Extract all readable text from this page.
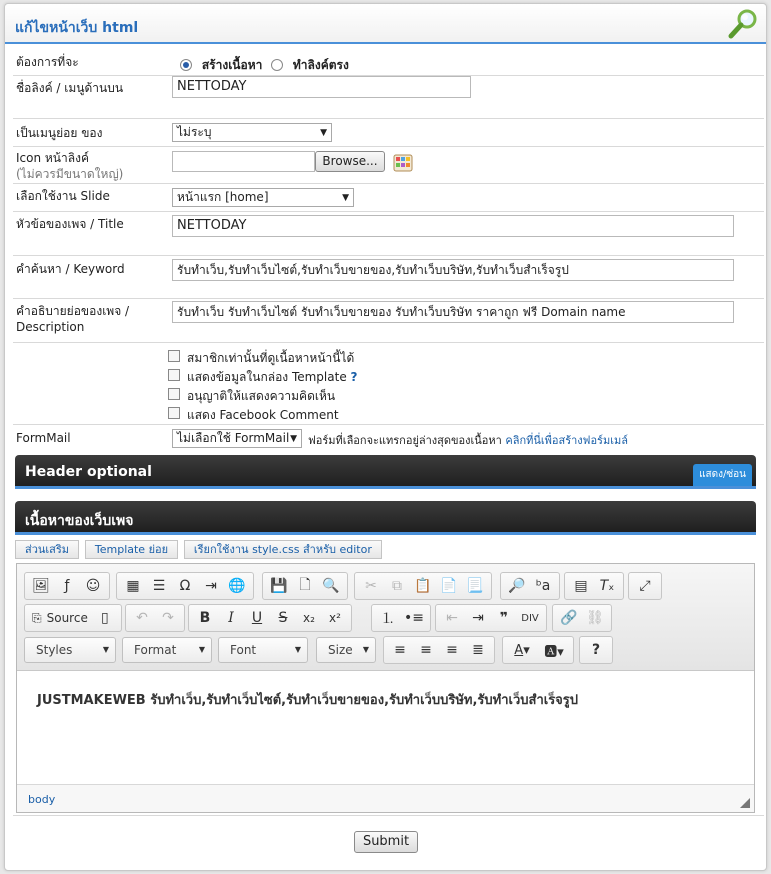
แก้ไขหน้าเว็บ html
ต้องการที่จะ	สร้างเนื้อหา	ทำลิงค์ตรง
ชื่อลิงค์ / เมนูด้านบน	NETTODAY
เป็นเมนูย่อย ของ	ไม่ระบุ	▼
Icon หน้าลิงค์
(ไม่ควรมีขนาดใหญ่)
Browse...
เลือกใช้งาน Slide	หน้าแรก [home]	▼
หัวข้อของเพจ / Title	NETTODAY
คำค้นหา / Keyword	รับทำเว็บ,รับทำเว็บไซต์,รับทำเว็บขายของ,รับทำเว็บบริษัท,รับทำเว็บสำเร็จรูป
คำอธิบายย่อของเพจ / Description
รับทำเว็บ รับทำเว็บไซต์ รับทำเว็บขายของ รับทำเว็บบริษัท ราคาถูก ฟรี Domain name
สมาชิกเท่านั้นที่ดูเนื้อหาหน้านี้ได้
แสดงข้อมูลในกล่อง Template ?
อนุญาติให้แสดงความคิดเห็น
แสดง Facebook Comment
FormMail	ไม่เลือกใช้ FormMail ▼ ฟอร์มที่เลือกจะแทรกอยู่ล่างสุดของเนื้อหา คลิกที่นี่เพื่อสร้างฟอร์มเมล์
Header optional	แสดง/ซ่อน
เนื้อหาของเว็บเพจ
ส่วนเสริม Template ย่อย เรียกใช้งาน style.css สำหรับ editor
🖼	ƒ	☺	▦ ☰	Ω	⇥ 🌐	💾 🗋 🔍	✂	⧉ 📋 📄 📃	🔎 ᵇa	▤ T ₓ	⤢
⎘ Source ▯	↶	↷	B	I	U	S	x₂	x²	⒈ •≡	⇤	⇥	❞	DIV	🔗 ⛓
Styles	▼	Format	▼	Font	▼	Size ▼	≡	≡	≡	≣	A ▾	🅰▾	?
JUSTMAKEWEB รับทำเว็บ,รับทำเว็บไซต์,รับทำเว็บขายของ,รับทำเว็บบริษัท,รับทำเว็บสำเร็จรูป
body
Submit
